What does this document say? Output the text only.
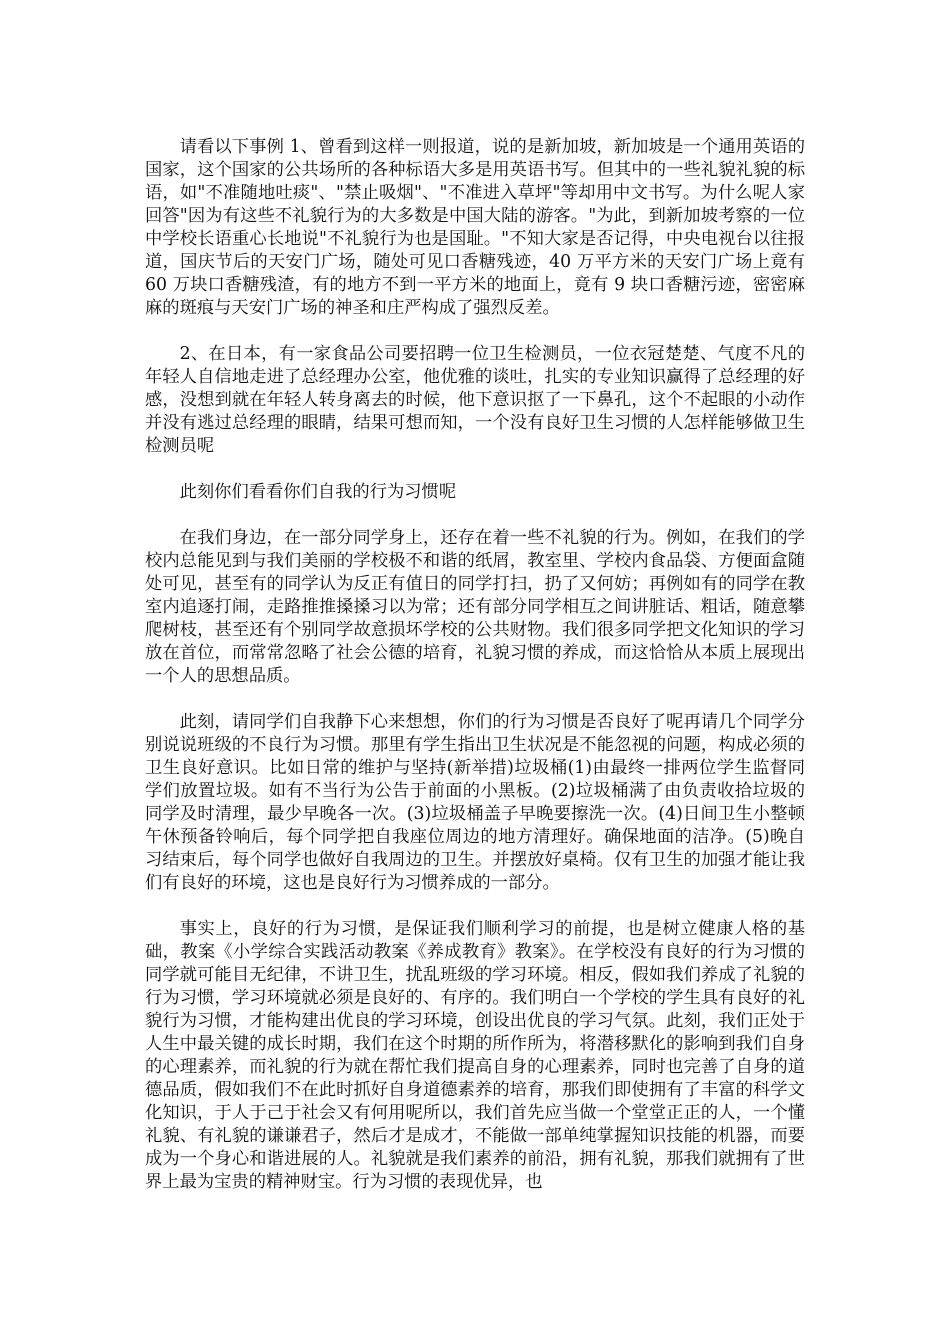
请看以下事例 1、曾看到这样一则报道，说的是新加坡，新加坡是一个通用英语的国家，这个国家的公共场所的各种标语大多是用英语书写。但其中的一些礼貌礼貌的标语，如"不准随地吐痰"、"禁止吸烟"、"不准进入草坪"等却用中文书写。为什么呢人家回答"因为有这些不礼貌行为的大多数是中国大陆的游客。"为此，到新加坡考察的一位中学校长语重心长地说"不礼貌行为也是国耻。"不知大家是否记得，中央电视台以往报道，国庆节后的天安门广场，随处可见口香糖残迹，40 万平方米的天安门广场上竟有 60 万块口香糖残渣，有的地方不到一平方米的地面上，竟有 9 块口香糖污迹，密密麻麻的斑痕与天安门广场的神圣和庄严构成了强烈反差。

2、在日本，有一家食品公司要招聘一位卫生检测员，一位衣冠楚楚、气度不凡的年轻人自信地走进了总经理办公室，他优雅的谈吐，扎实的专业知识赢得了总经理的好感，没想到就在年轻人转身离去的时候，他下意识抠了一下鼻孔，这个不起眼的小动作并没有逃过总经理的眼睛，结果可想而知，一个没有良好卫生习惯的人怎样能够做卫生检测员呢

此刻你们看看你们自我的行为习惯呢

在我们身边，在一部分同学身上，还存在着一些不礼貌的行为。例如，在我们的学校内总能见到与我们美丽的学校极不和谐的纸屑，教室里、学校内食品袋、方便面盒随处可见，甚至有的同学认为反正有值日的同学打扫，扔了又何妨；再例如有的同学在教室内追逐打闹，走路推推搡搡习以为常；还有部分同学相互之间讲脏话、粗话，随意攀爬树枝，甚至还有个别同学故意损坏学校的公共财物。我们很多同学把文化知识的学习放在首位，而常常忽略了社会公德的培育，礼貌习惯的养成，而这恰恰从本质上展现出一个人的思想品质。

此刻，请同学们自我静下心来想想，你们的行为习惯是否良好了呢再请几个同学分别说说班级的不良行为习惯。那里有学生指出卫生状况是不能忽视的问题，构成必须的卫生良好意识。比如日常的维护与坚持(新举措)垃圾桶(1)由最终一排两位学生监督同学们放置垃圾。如有不当行为公告于前面的小黑板。(2)垃圾桶满了由负责收拾垃圾的同学及时清理，最少早晚各一次。(3)垃圾桶盖子早晚要擦洗一次。(4)日间卫生小整顿午休预备铃响后，每个同学把自我座位周边的地方清理好。确保地面的洁净。(5)晚自习结束后，每个同学也做好自我周边的卫生。并摆放好桌椅。仅有卫生的加强才能让我们有良好的环境，这也是良好行为习惯养成的一部分。

事实上，良好的行为习惯，是保证我们顺利学习的前提，也是树立健康人格的基础，教案《小学综合实践活动教案《养成教育》教案》。在学校没有良好的行为习惯的同学就可能目无纪律，不讲卫生，扰乱班级的学习环境。相反，假如我们养成了礼貌的行为习惯，学习环境就必须是良好的、有序的。我们明白一个学校的学生具有良好的礼貌行为习惯，才能构建出优良的学习环境，创设出优良的学习气氛。此刻，我们正处于人生中最关键的成长时期，我们在这个时期的所作所为，将潜移默化的影响到我们自身的心理素养，而礼貌的行为就在帮忙我们提高自身的心理素养，同时也完善了自身的道德品质，假如我们不在此时抓好自身道德素养的培育，那我们即使拥有了丰富的科学文化知识，于人于己于社会又有何用呢所以，我们首先应当做一个堂堂正正的人，一个懂礼貌、有礼貌的谦谦君子，然后才是成才，不能做一部单纯掌握知识技能的机器，而要成为一个身心和谐进展的人。礼貌就是我们素养的前沿，拥有礼貌，那我们就拥有了世界上最为宝贵的精神财宝。行为习惯的表现优异，也
